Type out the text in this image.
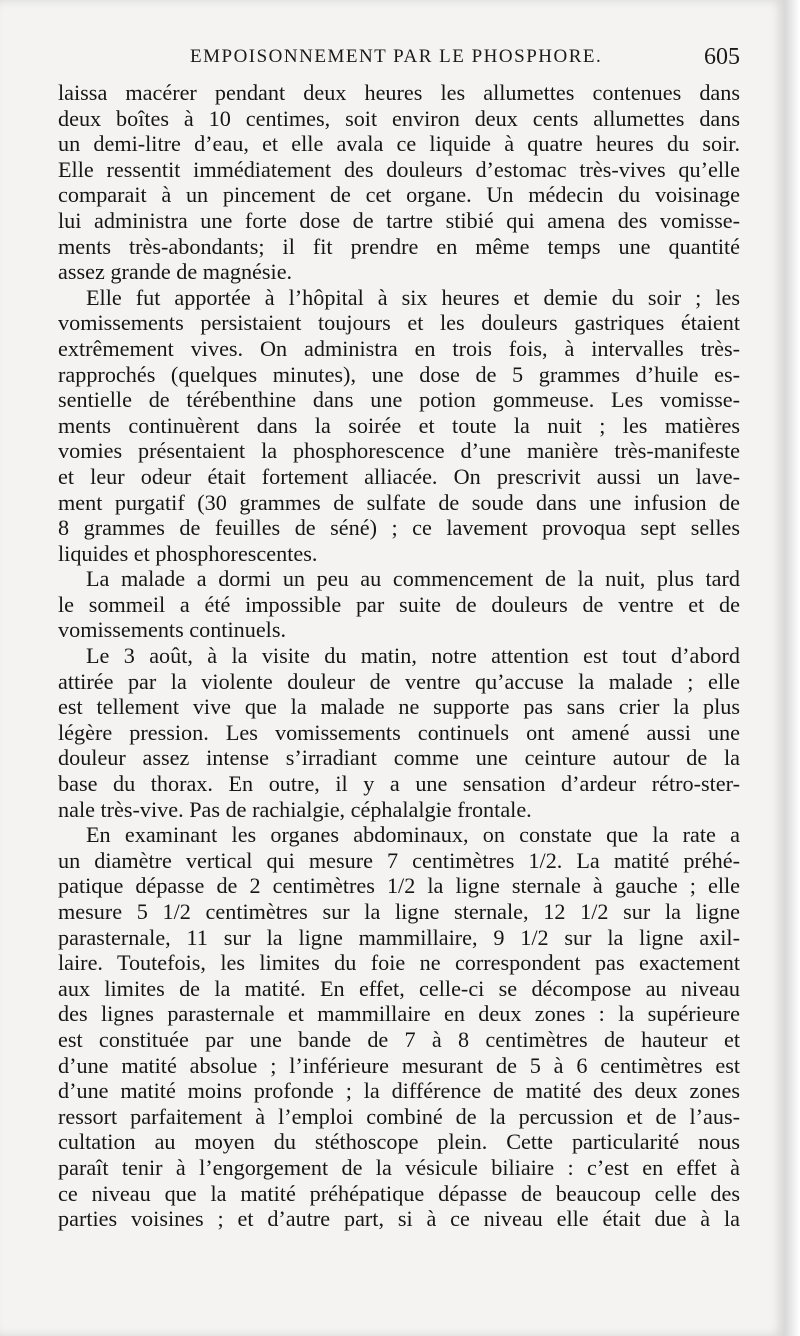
EMPOISONNEMENT PAR LE PHOSPHORE.	605
laissa macérer pendant deux heures les allumettes contenues dans
deux boîtes à 10 centimes, soit environ deux cents allumettes dans
un demi-litre d’eau, et elle avala ce liquide à quatre heures du soir.
Elle ressentit immédiatement des douleurs d’estomac très-vives qu’elle
comparait à un pincement de cet organe. Un médecin du voisinage
lui administra une forte dose de tartre stibié qui amena des vomisse-
ments très-abondants; il fit prendre en même temps une quantité
assez grande de magnésie.
Elle fut apportée à l’hôpital à six heures et demie du soir ; les
vomissements persistaient toujours et les douleurs gastriques étaient
extrêmement vives. On administra en trois fois, à intervalles très-
rapprochés (quelques minutes), une dose de 5 grammes d’huile es-
sentielle de térébenthine dans une potion gommeuse. Les vomisse-
ments continuèrent dans la soirée et toute la nuit ; les matières
vomies présentaient la phosphorescence d’une manière très-manifeste
et leur odeur était fortement alliacée. On prescrivit aussi un lave-
ment purgatif (30 grammes de sulfate de soude dans une infusion de
8 grammes de feuilles de séné) ; ce lavement provoqua sept selles
liquides et phosphorescentes.
La malade a dormi un peu au commencement de la nuit, plus tard
le sommeil a été impossible par suite de douleurs de ventre et de
vomissements continuels.
Le 3 août, à la visite du matin, notre attention est tout d’abord
attirée par la violente douleur de ventre qu’accuse la malade ; elle
est tellement vive que la malade ne supporte pas sans crier la plus
légère pression. Les vomissements continuels ont amené aussi une
douleur assez intense s’irradiant comme une ceinture autour de la
base du thorax. En outre, il y a une sensation d’ardeur rétro-ster-
nale très-vive. Pas de rachialgie, céphalalgie frontale.
En examinant les organes abdominaux, on constate que la rate a
un diamètre vertical qui mesure 7 centimètres 1/2. La matité préhé-
patique dépasse de 2 centimètres 1/2 la ligne sternale à gauche ; elle
mesure 5 1/2 centimètres sur la ligne sternale, 12 1/2 sur la ligne
parasternale, 11 sur la ligne mammillaire, 9 1/2 sur la ligne axil-
laire. Toutefois, les limites du foie ne correspondent pas exactement
aux limites de la matité. En effet, celle-ci se décompose au niveau
des lignes parasternale et mammillaire en deux zones : la supérieure
est constituée par une bande de 7 à 8 centimètres de hauteur et
d’une matité absolue ; l’inférieure mesurant de 5 à 6 centimètres est
d’une matité moins profonde ; la différence de matité des deux zones
ressort parfaitement à l’emploi combiné de la percussion et de l’aus-
cultation au moyen du stéthoscope plein. Cette particularité nous
paraît tenir à l’engorgement de la vésicule biliaire : c’est en effet à
ce niveau que la matité préhépatique dépasse de beaucoup celle des
parties voisines ; et d’autre part, si à ce niveau elle était due à la
